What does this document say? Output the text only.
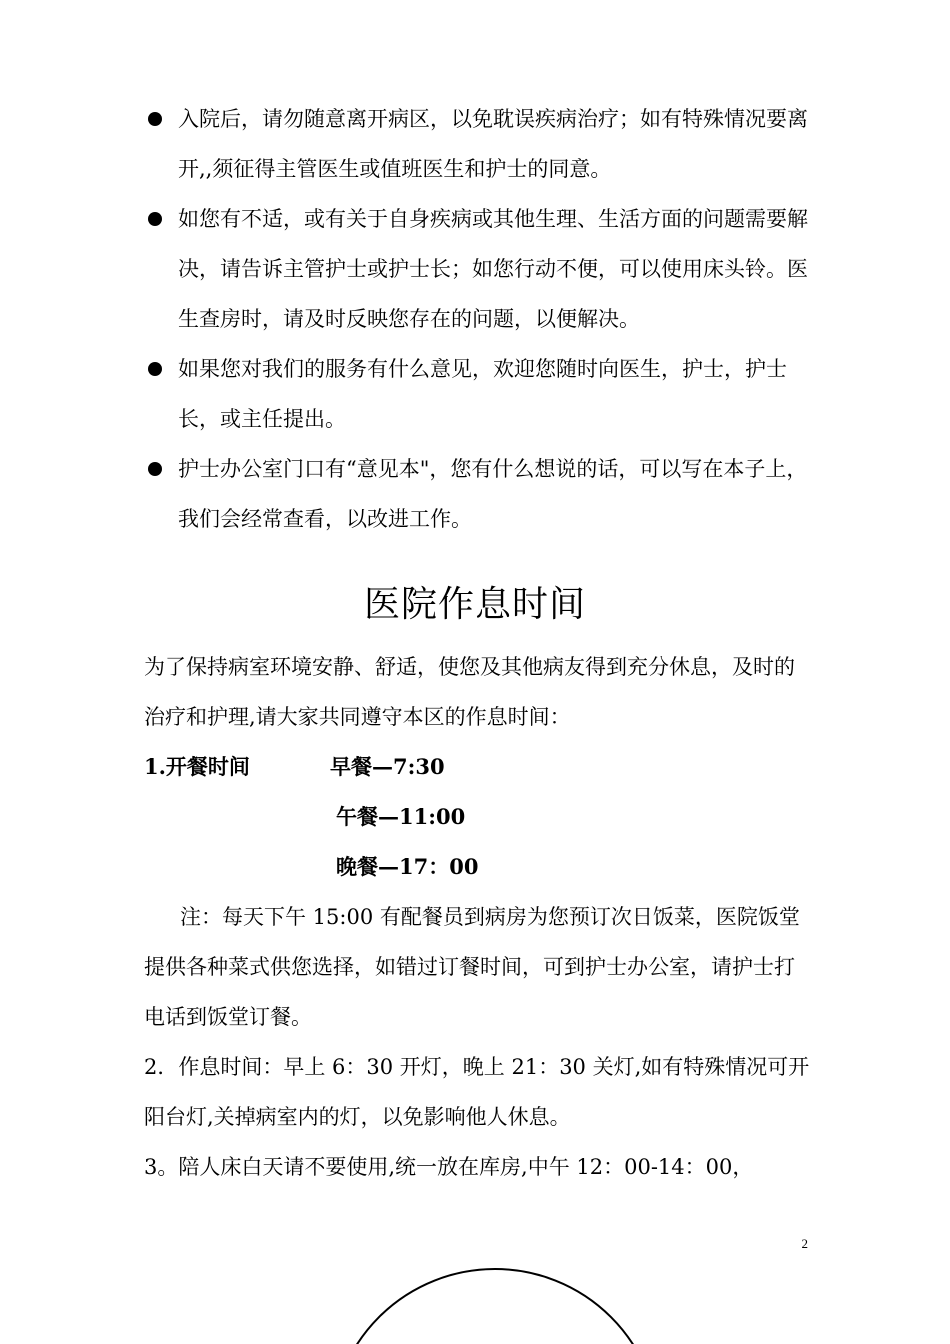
入院后，请勿随意离开病区，以免耽误疾病治疗；如有特殊情况要离开,,须征得主管医生或值班医生和护士的同意。
如您有不适，或有关于自身疾病或其他生理、生活方面的问题需要解决，请告诉主管护士或护士长；如您行动不便，可以使用床头铃。医生查房时，请及时反映您存在的问题，以便解决。
如果您对我们的服务有什么意见，欢迎您随时向医生，护士，护士长，或主任提出。
护士办公室门口有“意见本"，您有什么想说的话，可以写在本子上，我们会经常查看，以改进工作。
医院作息时间

为了保持病室环境安静、舒适，使您及其他病友得到充分休息，及时的治疗和护理,请大家共同遵守本区的作息时间：

1.开餐时间	早餐—7:30
午餐—11:00
晚餐—17：00

注：每天下午 15:00 有配餐员到病房为您预订次日饭菜，医院饭堂提供各种菜式供您选择，如错过订餐时间，可到护士办公室，请护士打电话到饭堂订餐。

2．作息时间：早上 6：30 开灯，晚上 21：30 关灯,如有特殊情况可开阳台灯,关掉病室内的灯，以免影响他人休息。

3。陪人床白天请不要使用,统一放在库房,中午 12：00-14：00，

2
